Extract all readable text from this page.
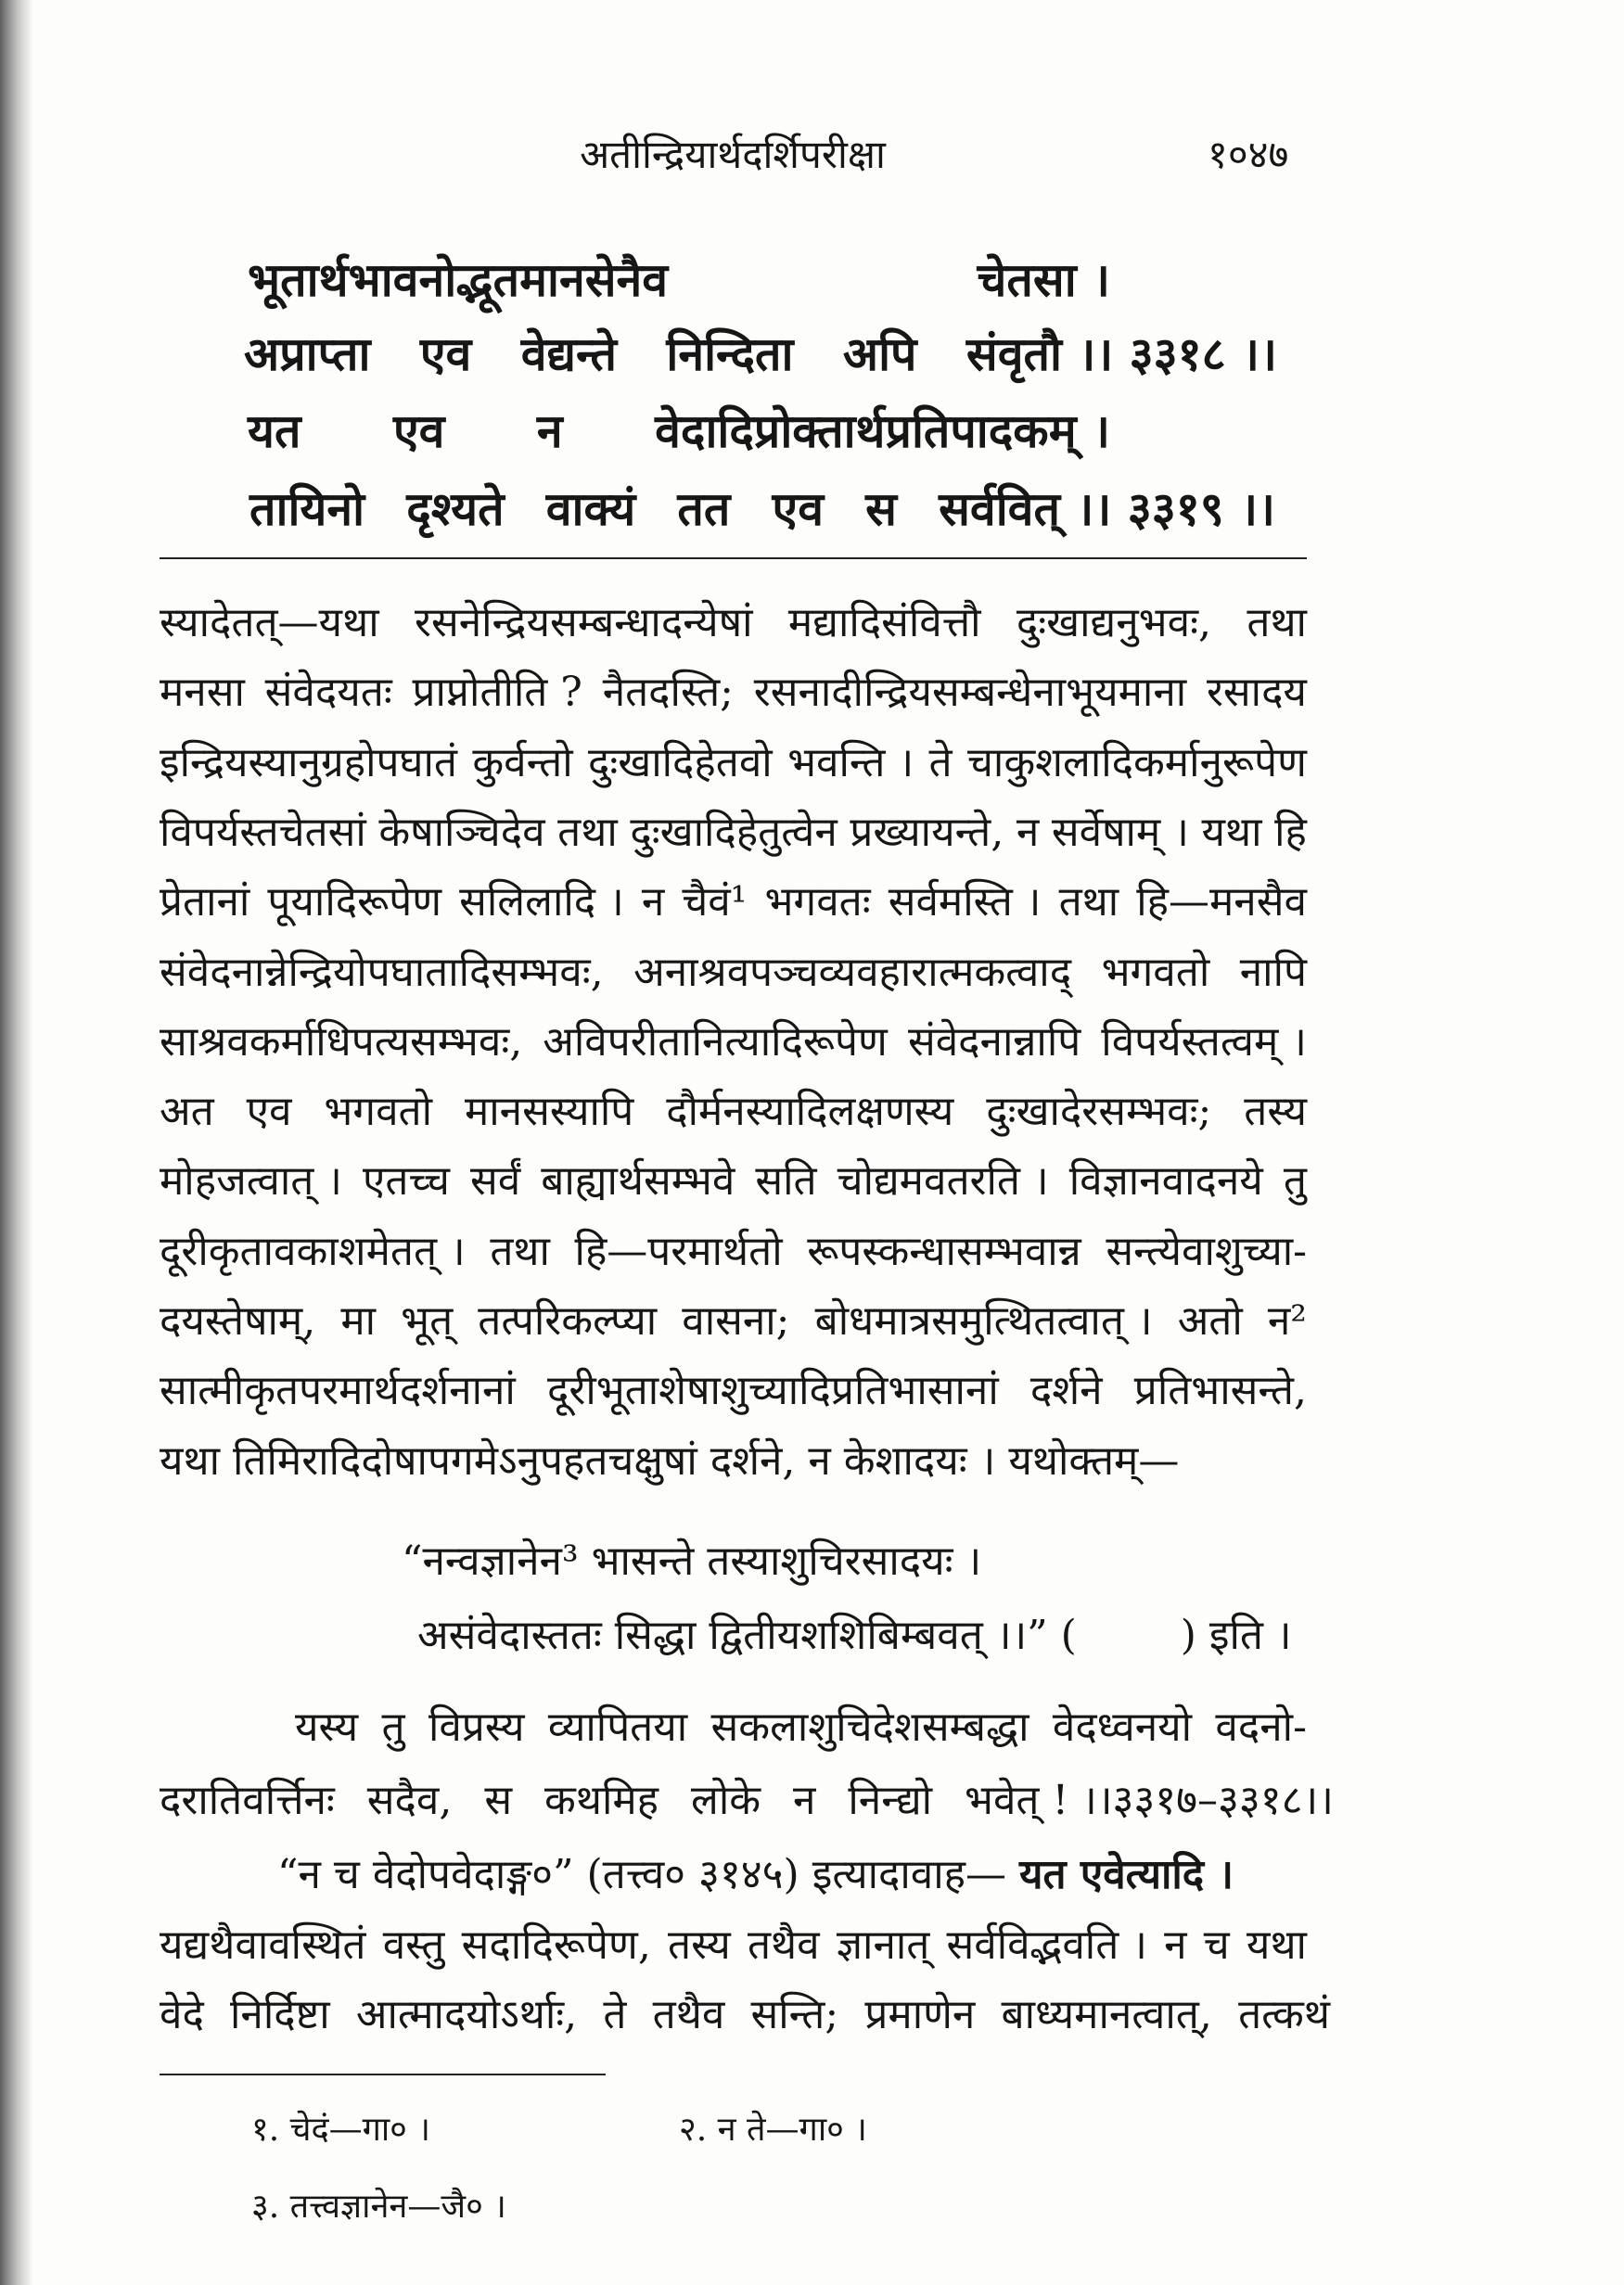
अतीन्द्रियार्थदर्शिपरीक्षा	१०४७
भूतार्थभावनोद्भूतमानसेनैव	चेतसा ।
अप्राप्ता एव वेद्यन्ते निन्दिता अपि संवृतौ ।। ३३१८ ।।
यत एव न वेदादिप्रोक्तार्थप्रतिपादकम् ।
तायिनो दृश्यते वाक्यं तत एव स सर्ववित् ।। ३३१९ ।।
स्यादेतत्—यथा रसनेन्द्रियसम्बन्धादन्येषां मद्यादिसंवित्तौ दुःखाद्यनुभवः, तथा
मनसा संवेदयतः प्राप्नोतीति ? नैतदस्ति; रसनादीन्द्रियसम्बन्धेनाभूयमाना रसादय
इन्द्रियस्यानुग्रहोपघातं कुर्वन्तो दुःखादिहेतवो भवन्ति । ते चाकुशलादिकर्मानुरूपेण
विपर्यस्तचेतसां केषाञ्चिदेव तथा दुःखादिहेतुत्वेन प्रख्यायन्ते, न सर्वेषाम् । यथा हि
प्रेतानां पूयादिरूपेण सलिलादि । न चैवं¹ भगवतः सर्वमस्ति । तथा हि—मनसैव
संवेदनान्नेन्द्रियोपघातादिसम्भवः, अनाश्रवपञ्चव्यवहारात्मकत्वाद् भगवतो नापि
साश्रवकर्माधिपत्यसम्भवः, अविपरीतानित्यादिरूपेण संवेदनान्नापि विपर्यस्तत्वम् ।
अत एव भगवतो मानसस्यापि दौर्मनस्यादिलक्षणस्य दुःखादेरसम्भवः; तस्य
मोहजत्वात् । एतच्च सर्वं बाह्यार्थसम्भवे सति चोद्यमवतरति । विज्ञानवादनये तु
दूरीकृतावकाशमेतत् । तथा हि—परमार्थतो रूपस्कन्धासम्भवान्न सन्त्येवाशुच्या-
दयस्तेषाम्, मा भूत् तत्परिकल्प्या वासना; बोधमात्रसमुत्थितत्वात् । अतो न²
सात्मीकृतपरमार्थदर्शनानां दूरीभूताशेषाशुच्यादिप्रतिभासानां दर्शने प्रतिभासन्ते,
यथा तिमिरादिदोषापगमेऽनुपहतचक्षुषां दर्शने, न केशादयः । यथोक्तम्—
“नन्वज्ञानेन³ भासन्ते तस्याशुचिरसादयः ।
असंवेदास्ततः सिद्धा द्वितीयशशिबिम्बवत् ।।” (        ) इति ।
यस्य तु विप्रस्य व्यापितया सकलाशुचिदेशसम्बद्धा वेदध्वनयो वदनो-
दरातिवर्त्तिनः सदैव, स कथमिह लोके न निन्द्यो भवेत् ! ।।३३१७–३३१८।।
“न च वेदोपवेदाङ्ग०” (तत्त्व० ३१४५) इत्यादावाह— यत एवेत्यादि ।
यद्यथैवावस्थितं वस्तु सदादिरूपेण, तस्य तथैव ज्ञानात् सर्वविद्भवति । न च यथा
वेदे निर्दिष्टा आत्मादयोऽर्थाः, ते तथैव सन्ति; प्रमाणेन बाध्यमानत्वात्, तत्कथं
१. चेदं—गा० ।	२. न ते—गा० ।
३. तत्त्वज्ञानेन—जै० ।
